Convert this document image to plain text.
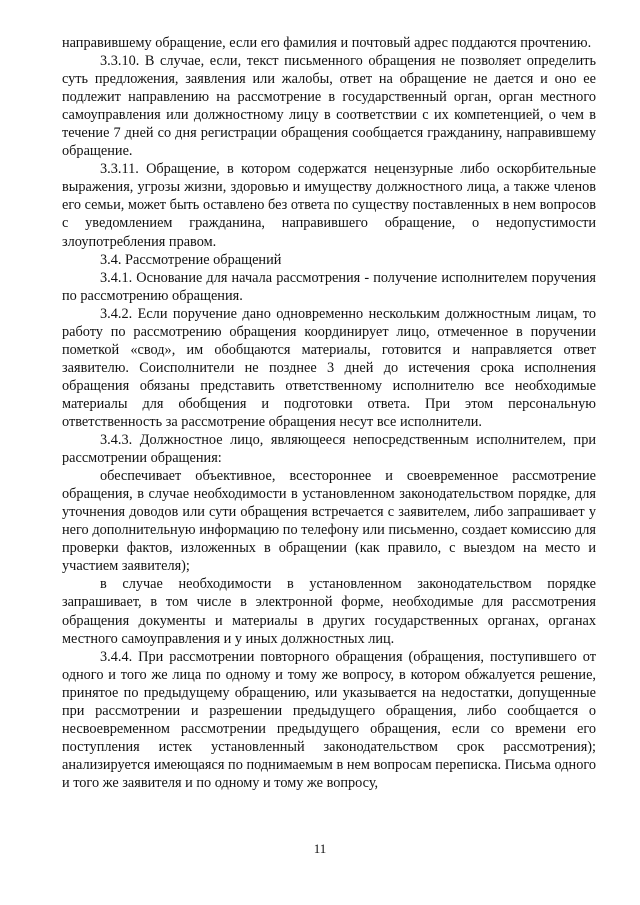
направившему обращение, если его фамилия и почтовый адрес поддаются прочтению.

3.3.10. В случае, если, текст письменного обращения не позволяет определить суть предложения, заявления или жалобы, ответ на обращение не дается и оно ее подлежит направлению на рассмотрение в государственный орган, орган местного самоуправления или должностному лицу в соответствии с их компетенцией, о чем в течение 7 дней со дня регистрации обращения сообщается гражданину, направившему обращение.

3.3.11. Обращение, в котором содержатся нецензурные либо оскорбительные выражения, угрозы жизни, здоровью и имуществу должностного лица, а также членов его семьи, может быть оставлено без ответа по существу поставленных в нем вопросов с уведомлением гражданина, направившего обращение, о недопустимости злоупотребления правом.

3.4. Рассмотрение обращений

3.4.1. Основание для начала рассмотрения - получение исполнителем поручения по рассмотрению обращения.

3.4.2. Если поручение дано одновременно нескольким должностным лицам, то работу по рассмотрению обращения координирует лицо, отмеченное в поручении пометкой «свод», им обобщаются материалы, готовится и направляется ответ заявителю. Соисполнители не позднее 3 дней до истечения срока исполнения обращения обязаны представить ответственному исполнителю все необходимые материалы для обобщения и подготовки ответа. При этом персональную ответственность за рассмотрение обращения несут все исполнители.

3.4.3. Должностное лицо, являющееся непосредственным исполнителем, при рассмотрении обращения:

обеспечивает объективное, всестороннее и своевременное рассмотрение обращения, в случае необходимости в установленном законодательством порядке, для уточнения доводов или сути обращения встречается с заявителем, либо запрашивает у него дополнительную информацию по телефону или письменно, создает комиссию для проверки фактов, изложенных в обращении (как правило, с выездом на место и участием заявителя);

в случае необходимости в установленном законодательством порядке запрашивает, в том числе в электронной форме, необходимые для рассмотрения обращения документы и материалы в других государственных органах, органах местного самоуправления и у иных должностных лиц.

3.4.4. При рассмотрении повторного обращения (обращения, поступившего от одного и того же лица по одному и тому же вопросу, в котором обжалуется решение, принятое по предыдущему обращению, или указывается на недостатки, допущенные при рассмотрении и разрешении предыдущего обращения, либо сообщается о несвоевременном рассмотрении предыдущего обращения, если со времени его поступления истек установленный законодательством срок рассмотрения); анализируется имеющаяся по поднимаемым в нем вопросам переписка. Письма одного и того же заявителя и по одному и тому же вопросу,

11
